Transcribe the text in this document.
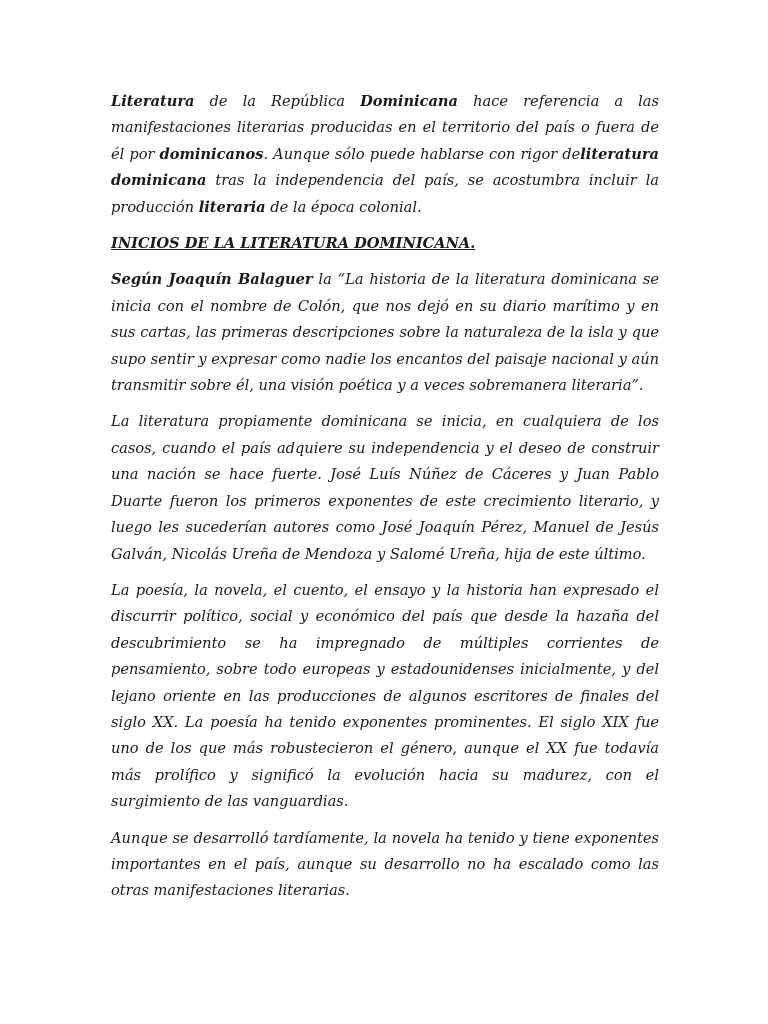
Literatura de la República Dominicana hace referencia a las manifestaciones literarias producidas en el territorio del país o fuera de él por dominicanos. Aunque sólo puede hablarse con rigor deliteratura dominicana tras la independencia del país, se acostumbra incluir la producción literaria de la época colonial.

INICIOS DE LA LITERATURA DOMINICANA.

Según Joaquín Balaguer la “La historia de la literatura dominicana se inicia con el nombre de Colón, que nos dejó en su diario marítimo y en sus cartas, las primeras descripciones sobre la naturaleza de la isla y que supo sentir y expresar como nadie los encantos del paisaje nacional y aún transmitir sobre él, una visión poética y a veces sobremanera literaria”.

La literatura propiamente dominicana se inicia, en cualquiera de los casos, cuando el país adquiere su independencia y el deseo de construir una nación se hace fuerte. José Luís Núñez de Cáceres y Juan Pablo Duarte fueron los primeros exponentes de este crecimiento literario, y luego les sucederían autores como José Joaquín Pérez, Manuel de Jesús Galván, Nicolás Ureña de Mendoza y Salomé Ureña, hija de este último.

La poesía, la novela, el cuento, el ensayo y la historia han expresado el discurrir político, social y económico del país que desde la hazaña del descubrimiento se ha impregnado de múltiples corrientes de pensamiento, sobre todo europeas y estadounidenses inicialmente, y del lejano oriente en las producciones de algunos escritores de finales del siglo XX. La poesía ha tenido exponentes prominentes. El siglo XIX fue uno de los que más robustecieron el género, aunque el XX fue todavía más prolífico y significó la evolución hacia su madurez, con el surgimiento de las vanguardias.

Aunque se desarrolló tardíamente, la novela ha tenido y tiene exponentes importantes en el país, aunque su desarrollo no ha escalado como las otras manifestaciones literarias.
